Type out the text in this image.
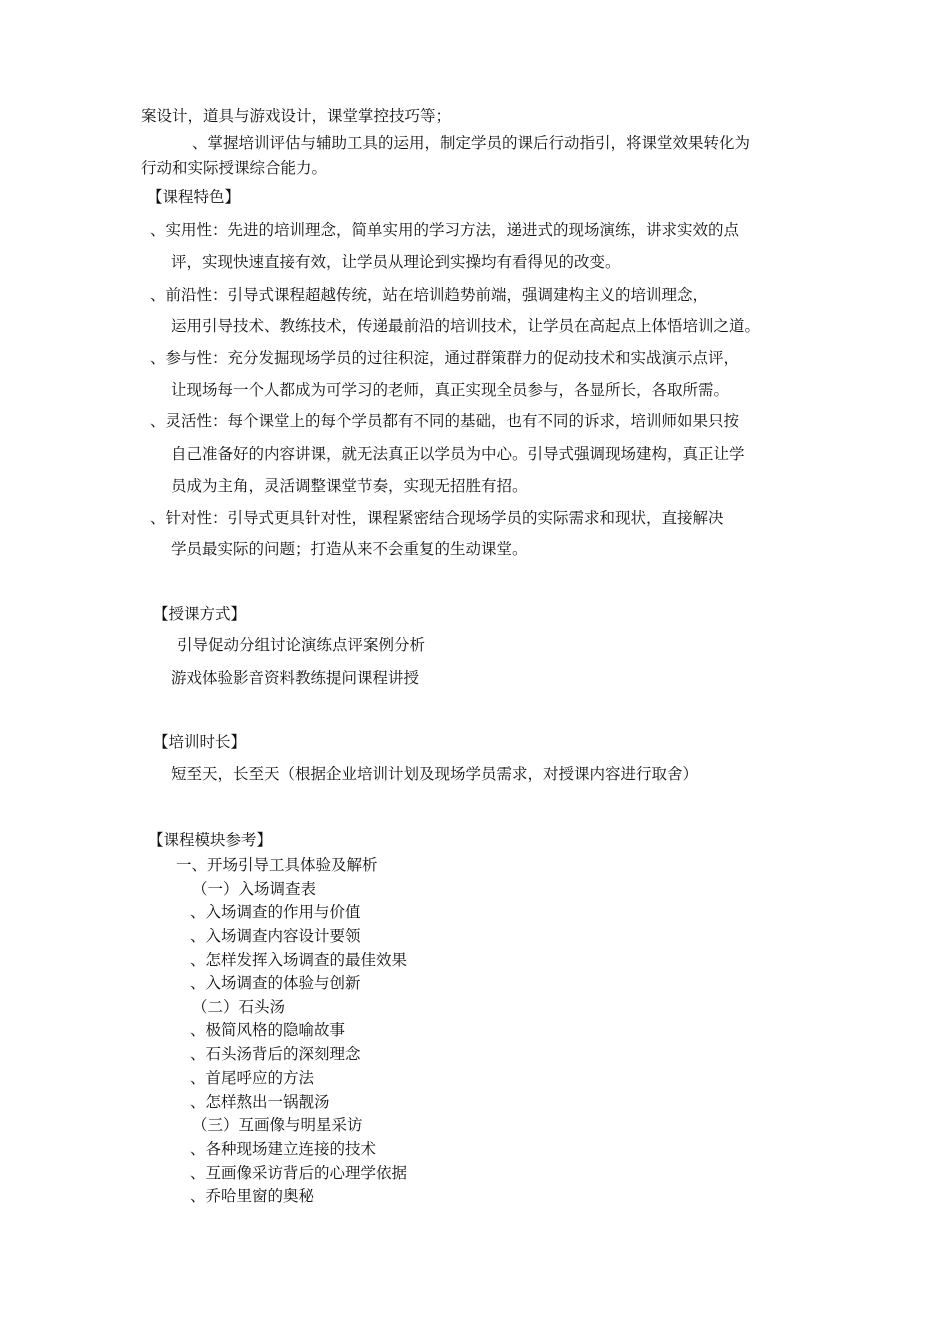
案设计，道具与游戏设计，课堂掌控技巧等；
、掌握培训评估与辅助工具的运用，制定学员的课后行动指引，将课堂效果转化为
行动和实际授课综合能力。
【课程特色】
、实用性：先进的培训理念，简单实用的学习方法，递进式的现场演练，讲求实效的点
评，实现快速直接有效，让学员从理论到实操均有看得见的改变。
、前沿性：引导式课程超越传统，站在培训趋势前端，强调建构主义的培训理念，
运用引导技术、教练技术，传递最前沿的培训技术，让学员在高起点上体悟培训之道。
、参与性：充分发掘现场学员的过往积淀，通过群策群力的促动技术和实战演示点评，
让现场每一个人都成为可学习的老师，真正实现全员参与，各显所长，各取所需。
、灵活性：每个课堂上的每个学员都有不同的基础，也有不同的诉求，培训师如果只按
自己准备好的内容讲课，就无法真正以学员为中心。引导式强调现场建构，真正让学
员成为主角，灵活调整课堂节奏，实现无招胜有招。
、针对性：引导式更具针对性，课程紧密结合现场学员的实际需求和现状，直接解决
学员最实际的问题；打造从来不会重复的生动课堂。
【授课方式】
引导促动分组讨论演练点评案例分析
游戏体验影音资料教练提问课程讲授
【培训时长】
短至天，长至天（根据企业培训计划及现场学员需求，对授课内容进行取舍）
【课程模块参考】
一、开场引导工具体验及解析
（一）入场调查表
、入场调查的作用与价值
、入场调查内容设计要领
、怎样发挥入场调查的最佳效果
、入场调查的体验与创新
（二）石头汤
、极简风格的隐喻故事
、石头汤背后的深刻理念
、首尾呼应的方法
、怎样熬出一锅靓汤
（三）互画像与明星采访
、各种现场建立连接的技术
、互画像采访背后的心理学依据
、乔哈里窗的奥秘
